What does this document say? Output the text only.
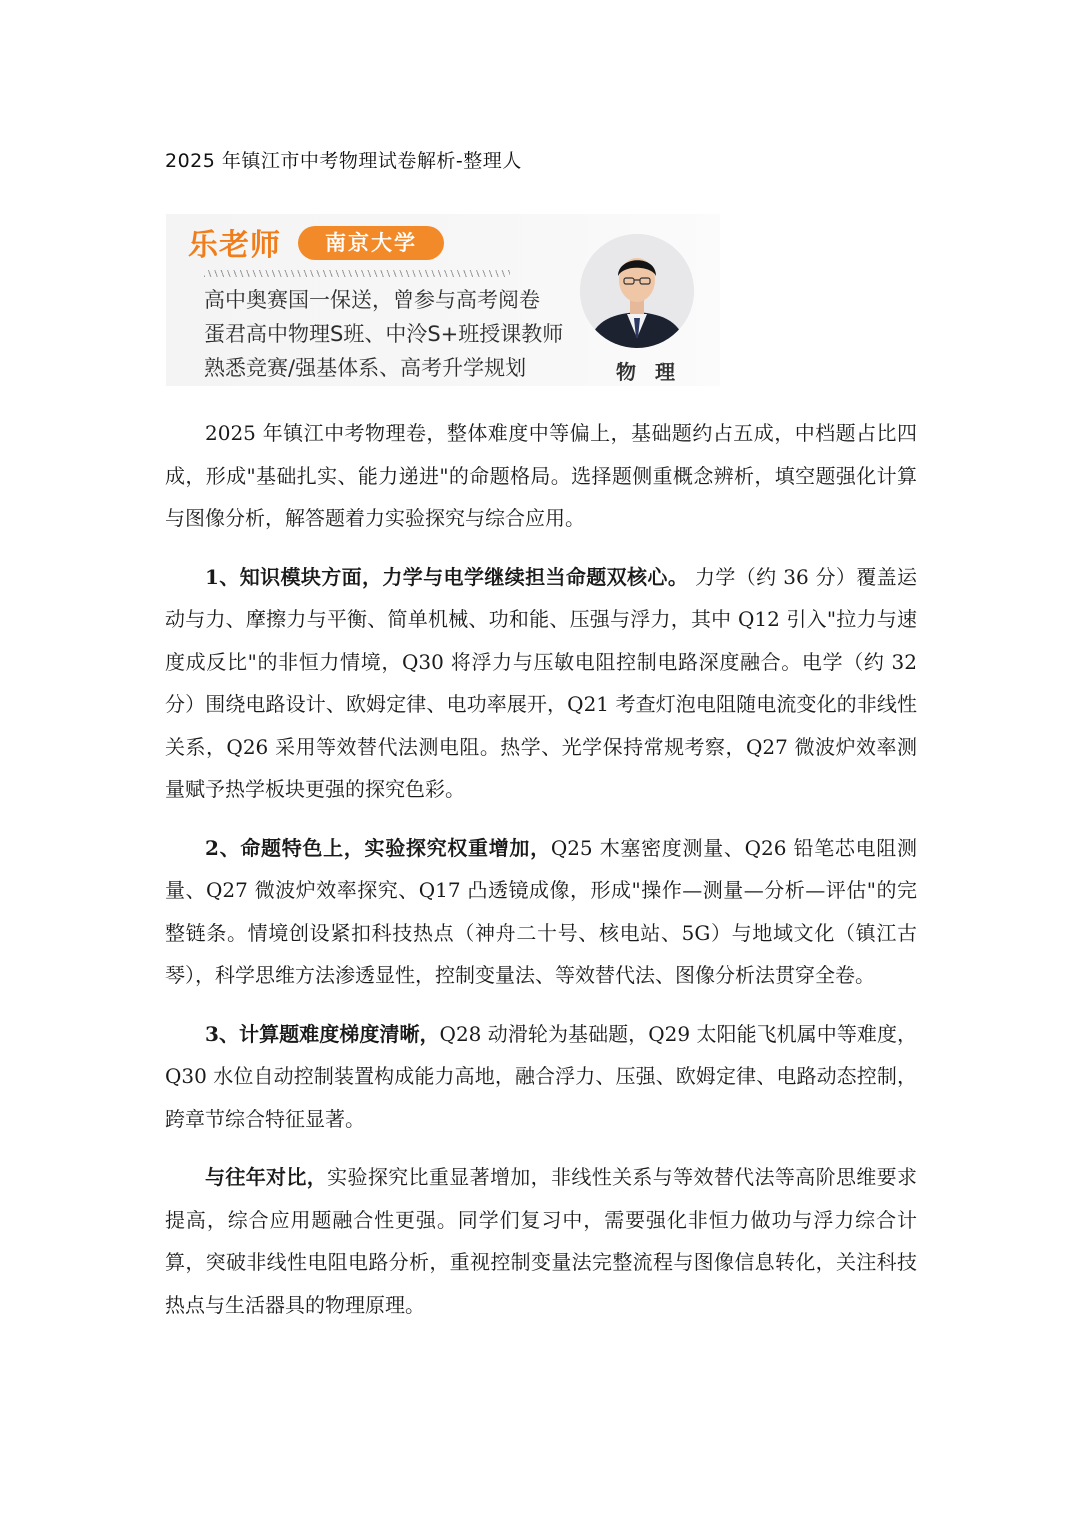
2025 年镇江市中考物理试卷解析-整理人
乐老师	南京大学
高中奥赛国一保送，曾参与高考阅卷
蛋君高中物理S班、中泠S+班授课教师
熟悉竞赛/强基体系、高考升学规划	物 理

2025 年镇江中考物理卷，整体难度中等偏上，基础题约占五成，中档题占比四成，形成"基础扎实、能力递进"的命题格局。选择题侧重概念辨析，填空题强化计算与图像分析，解答题着力实验探究与综合应用。

1、知识模块方面，力学与电学继续担当命题双核心。 力学（约 36 分）覆盖运动与力、摩擦力与平衡、简单机械、功和能、压强与浮力，其中 Q12 引入"拉力与速度成反比"的非恒力情境，Q30 将浮力与压敏电阻控制电路深度融合。电学（约 32 分）围绕电路设计、欧姆定律、电功率展开，Q21 考查灯泡电阻随电流变化的非线性关系，Q26 采用等效替代法测电阻。热学、光学保持常规考察，Q27 微波炉效率测量赋予热学板块更强的探究色彩。

2、命题特色上，实验探究权重增加，Q25 木塞密度测量、Q26 铅笔芯电阻测量、Q27 微波炉效率探究、Q17 凸透镜成像，形成"操作—测量—分析—评估"的完整链条。情境创设紧扣科技热点（神舟二十号、核电站、5G）与地域文化（镇江古琴），科学思维方法渗透显性，控制变量法、等效替代法、图像分析法贯穿全卷。

3、计算题难度梯度清晰，Q28 动滑轮为基础题，Q29 太阳能飞机属中等难度，Q30 水位自动控制装置构成能力高地，融合浮力、压强、欧姆定律、电路动态控制，跨章节综合特征显著。

与往年对比，实验探究比重显著增加，非线性关系与等效替代法等高阶思维要求提高，综合应用题融合性更强。同学们复习中，需要强化非恒力做功与浮力综合计算，突破非线性电阻电路分析，重视控制变量法完整流程与图像信息转化，关注科技热点与生活器具的物理原理。
